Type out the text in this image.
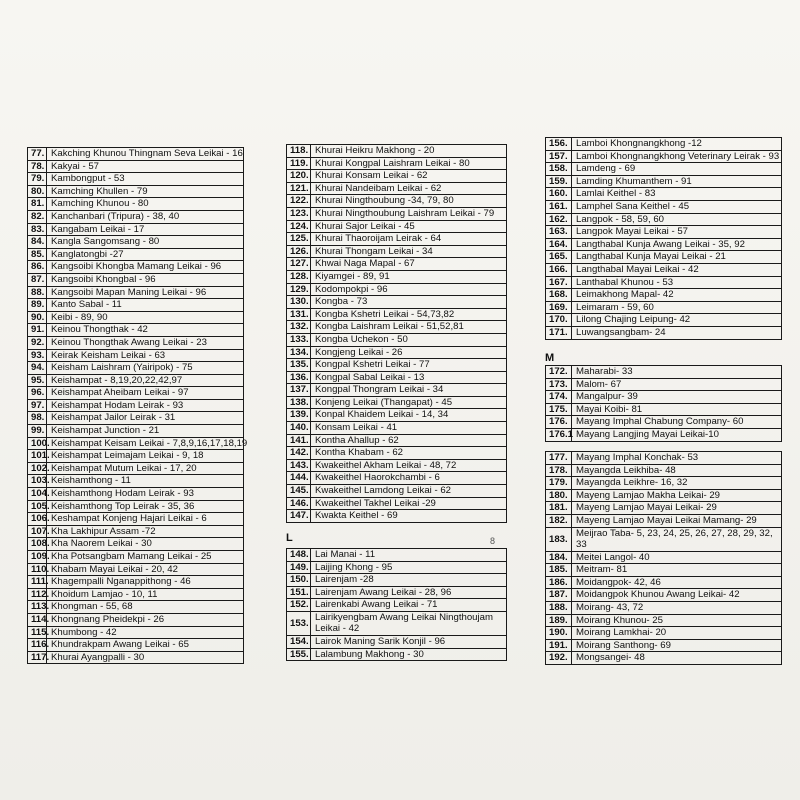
77.	Kakching Khunou Thingnam Seva Leikai - 16
78.	Kakyai - 57
79.	Kambongput - 53
80.	Kamching Khullen - 79
81.	Kamching Khunou - 80
82.	Kanchanbari (Tripura) - 38, 40
83.	Kangabam Leikai - 17
84.	Kangla Sangomsang - 80
85.	Kanglatongbi -27
86.	Kangsoibi Khongba Mamang Leikai - 96
87.	Kangsoibi Khongbal - 96
88.	Kangsoibi Mapan Maning Leikai - 96
89.	Kanto Sabal - 11
90.	Keibi - 89, 90
91.	Keinou Thongthak - 42
92.	Keinou Thongthak Awang Leikai - 23
93.	Keirak Keisham Leikai - 63
94.	Keisham Laishram (Yairipok) - 75
95.	Keishampat - 8,19,20,22,42,97
96.	Keishampat Aheibam Leikai - 97
97.	Keishampat Hodam Leirak - 93
98.	Keishampat Jailor Leirak - 31
99.	Keishampat Junction - 21
100.	Keishampat Keisam Leikai - 7,8,9,16,17,18,19
101.	Keishampat Leimajam Leikai - 9, 18
102.	Keishampat Mutum Leikai - 17, 20
103.	Keishamthong - 11
104.	Keishamthong Hodam Leirak - 93
105.	Keishamthong Top Leirak - 35, 36
106.	Keshampat Konjeng Hajari Leikai - 6
107.	Kha Lakhipur Assam -72
108.	Kha Naorem Leikai - 30
109.	Kha Potsangbam Mamang Leikai - 25
110.	Khabam Mayai Leikai - 20, 42
111.	Khagempalli Nganappithong - 46
112.	Khoidum Lamjao - 10, 11
113.	Khongman - 55, 68
114.	Khongnang Pheidekpi - 26
115.	Khumbong - 42
116.	Khundrakpam Awang Leikai - 65
117.	Khurai Ayangpalli - 30
118.	Khurai Heikru Makhong - 20
119.	Khurai Kongpal Laishram Leikai - 80
120.	Khurai Konsam Leikai - 62
121.	Khurai Nandeibam Leikai - 62
122.	Khurai Ningthoubung -34, 79, 80
123.	Khurai Ningthoubung Laishram Leikai - 79
124.	Khurai Sajor Leikai - 45
125.	Khurai Thaoroijam Leirak - 64
126.	Khurai Thongam Leikai - 34
127.	Khwai Naga Mapal - 67
128.	Kiyamgei - 89, 91
129.	Kodompokpi - 96
130.	Kongba - 73
131.	Kongba Kshetri Leikai - 54,73,82
132.	Kongba Laishram Leikai - 51,52,81
133.	Kongba Uchekon - 50
134.	Kongjeng Leikai - 26
135.	Kongpal Kshetri Leikai - 77
136.	Kongpal Sabal Leikai - 13
137.	Kongpal Thongram Leikai - 34
138.	Konjeng Leikai (Thangapat) - 45
139.	Konpal Khaidem Leikai - 14, 34
140.	Konsam Leikai - 41
141.	Kontha Ahallup - 62
142.	Kontha Khabam - 62
143.	Kwakeithel Akham Leikai - 48, 72
144.	Kwakeithel Haorokchambi - 6
145.	Kwakeithel Lamdong Leikai - 62
146.	Kwakeithel Takhel Leikai -29
147.	Kwakta Keithel - 69
L	8
148.	Lai Manai - 11
149.	Laijing Khong - 95
150.	Lairenjam -28
151.	Lairenjam Awang Leikai - 28, 96
152.	Lairenkabi Awang Leikai - 71
153.	Lairikyengbam Awang Leikai Ningthoujam Leikai - 42
154.	Lairok Maning Sarik Konjil - 96
155.	Lalambung Makhong - 30
156.	Lamboi Khongnangkhong -12
157.	Lamboi Khongnangkhong Veterinary Leirak - 93
158.	Lamdeng - 69
159.	Lamding Khumanthem - 91
160.	Lamlai Keithel - 83
161.	Lamphel Sana Keithel - 45
162.	Langpok - 58, 59, 60
163.	Langpok Mayai Leikai - 57
164.	Langthabal Kunja Awang Leikai - 35, 92
165.	Langthabal Kunja Mayai Leikai - 21
166.	Langthabal Mayai Leikai - 42
167.	Lanthabal Khunou - 53
168.	Leimakhong Mapal- 42
169.	Leimaram - 59, 60
170.	Lilong Chajing Leipung- 42
171.	Luwangsangbam- 24
M
172.	Maharabi- 33
173.	Malom- 67
174.	Mangalpur- 39
175.	Mayai Koibi- 81
176.	Mayang Imphal Chabung Company- 60
176.1	Mayang Langjing Mayai Leikai-10
177.	Mayang Imphal Konchak- 53
178.	Mayangda Leikhiba- 48
179.	Mayangda Leikhre- 16, 32
180.	Mayeng Lamjao Makha Leikai- 29
181.	Mayeng Lamjao Mayai Leikai- 29
182.	Mayeng Lamjao Mayai Leikai Mamang- 29
183.	Meijrao Taba- 5, 23, 24, 25, 26, 27, 28, 29, 32, 33
184.	Meitei Langol- 40
185.	Meitram- 81
186.	Moidangpok- 42, 46
187.	Moidangpok Khunou Awang Leikai- 42
188.	Moirang- 43, 72
189.	Moirang Khunou- 25
190.	Moirang Lamkhai- 20
191.	Moirang Santhong- 69
192.	Mongsangei- 48
